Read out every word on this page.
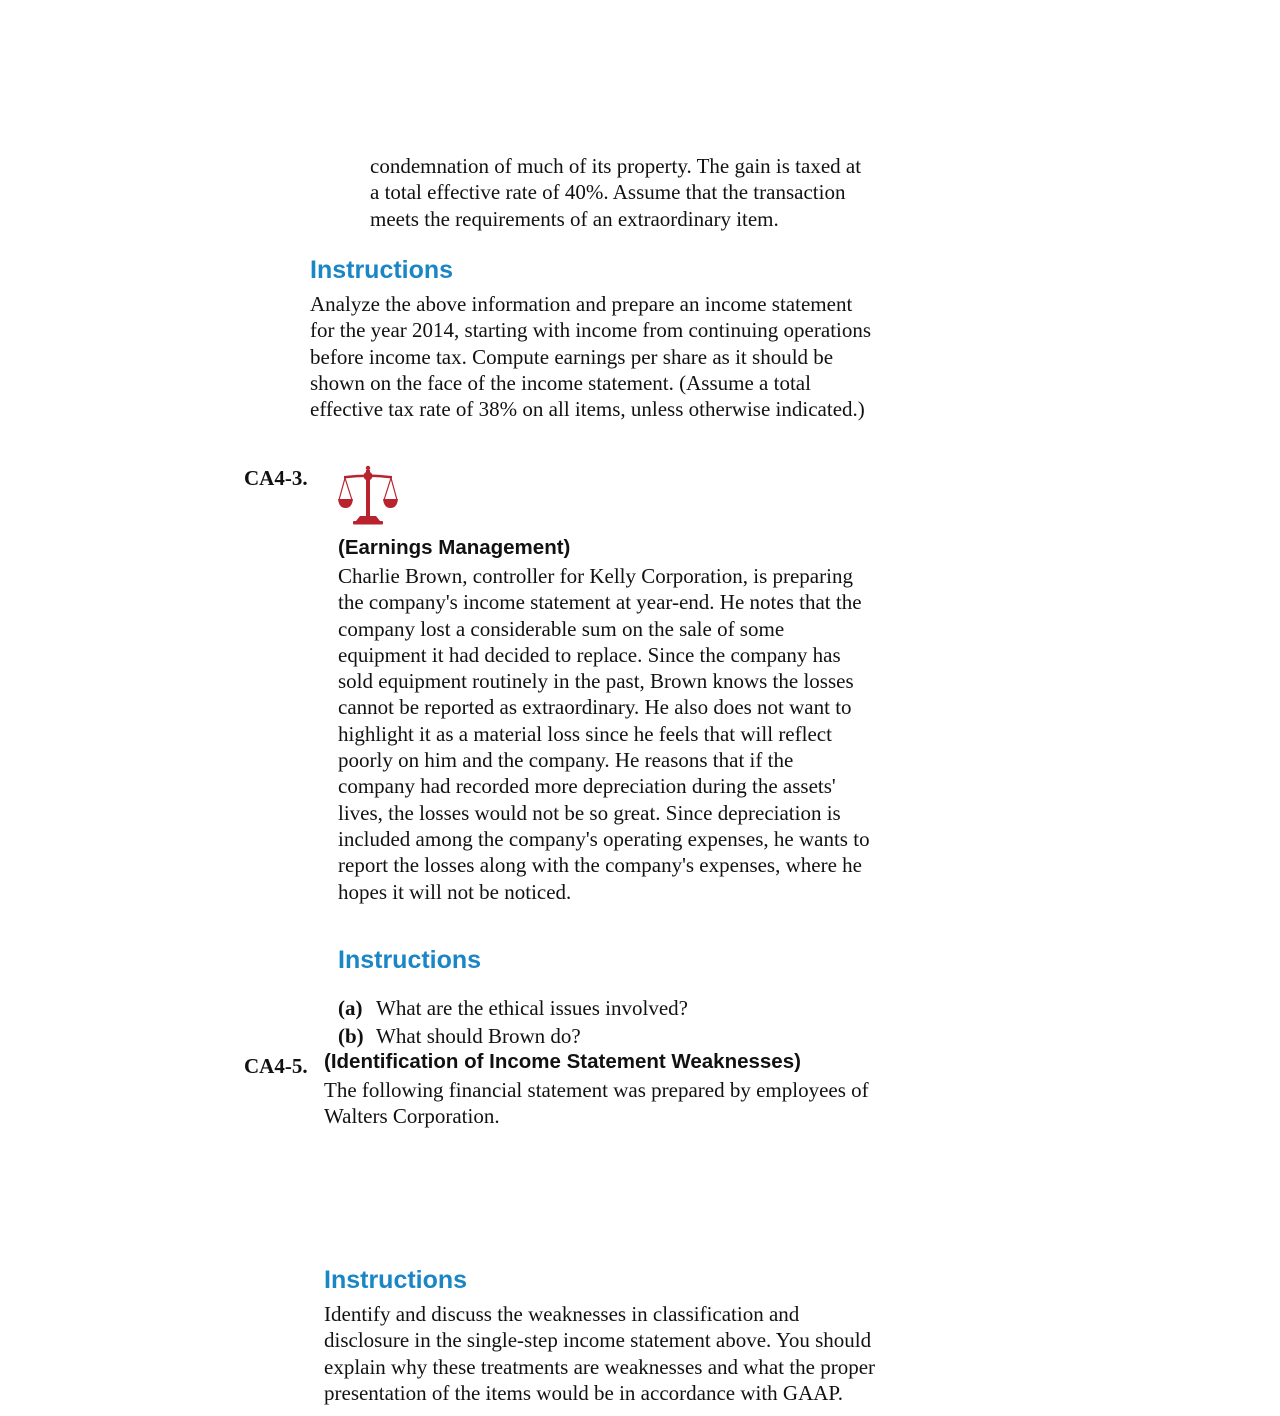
condemnation of much of its property. The gain is taxed at a total effective rate of 40%. Assume that the transaction meets the requirements of an extraordinary item.
Instructions
Analyze the above information and prepare an income statement for the year 2014, starting with income from continuing operations before income tax. Compute earnings per share as it should be shown on the face of the income statement. (Assume a total effective tax rate of 38% on all items, unless otherwise indicated.)
CA4-3.
(Earnings Management)
Charlie Brown, controller for Kelly Corporation, is preparing the company's income statement at year-end. He notes that the company lost a considerable sum on the sale of some equipment it had decided to replace. Since the company has sold equipment routinely in the past, Brown knows the losses cannot be reported as extraordinary. He also does not want to highlight it as a material loss since he feels that will reflect poorly on him and the company. He reasons that if the company had recorded more depreciation during the assets' lives, the losses would not be so great. Since depreciation is included among the company's operating expenses, he wants to report the losses along with the company's expenses, where he hopes it will not be noticed.
Instructions
(a) What are the ethical issues involved?
(b) What should Brown do?
CA4-5. (Identification of Income Statement Weaknesses)
The following financial statement was prepared by employees of Walters Corporation.
Instructions
Identify and discuss the weaknesses in classification and disclosure in the single-step income statement above. You should explain why these treatments are weaknesses and what the proper presentation of the items would be in accordance with GAAP.
